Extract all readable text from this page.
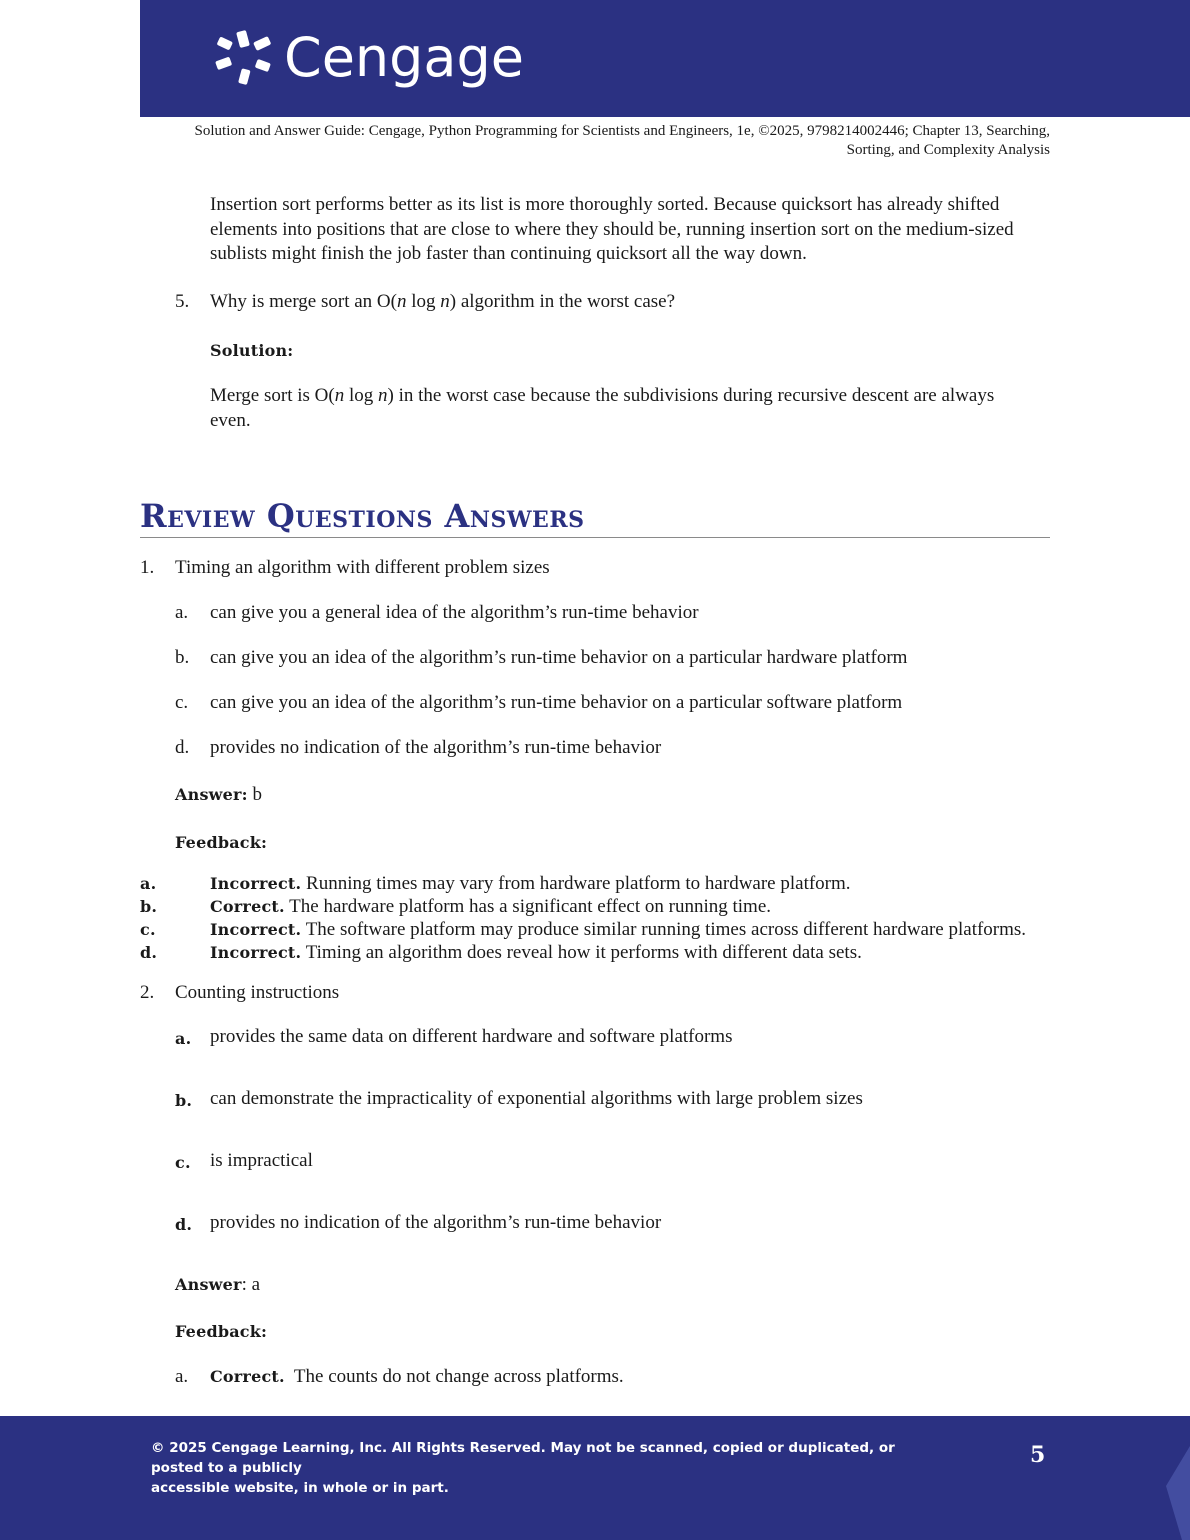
Cengage
Solution and Answer Guide: Cengage, Python Programming for Scientists and Engineers, 1e, ©2025, 9798214002446; Chapter 13, Searching,
Sorting, and Complexity Analysis
Insertion sort performs better as its list is more thoroughly sorted. Because quicksort has already shifted
elements into positions that are close to where they should be, running insertion sort on the medium-sized
sublists might finish the job faster than continuing quicksort all the way down.
5. Why is merge sort an O(n log n) algorithm in the worst case?
Solution:
Merge sort is O(n log n) in the worst case because the subdivisions during recursive descent are always
even.
Review Questions Answers
1. Timing an algorithm with different problem sizes
a. can give you a general idea of the algorithm’s run-time behavior
b. can give you an idea of the algorithm’s run-time behavior on a particular hardware platform
c. can give you an idea of the algorithm’s run-time behavior on a particular software platform
d. provides no indication of the algorithm’s run-time behavior
Answer: b
Feedback:
a.	Incorrect. Running times may vary from hardware platform to hardware platform.
b.	Correct. The hardware platform has a significant effect on running time.
c.	Incorrect. The software platform may produce similar running times across different hardware platforms.
d.	Incorrect. Timing an algorithm does reveal how it performs with different data sets.
2. Counting instructions
a. provides the same data on different hardware and software platforms
b. can demonstrate the impracticality of exponential algorithms with large problem sizes
c. is impractical
d. provides no indication of the algorithm’s run-time behavior
Answer: a
Feedback:
a. Correct.  The counts do not change across platforms.
© 2025 Cengage Learning, Inc. All Rights Reserved. May not be scanned, copied or duplicated, or posted to a publicly
accessible website, in whole or in part.
5
